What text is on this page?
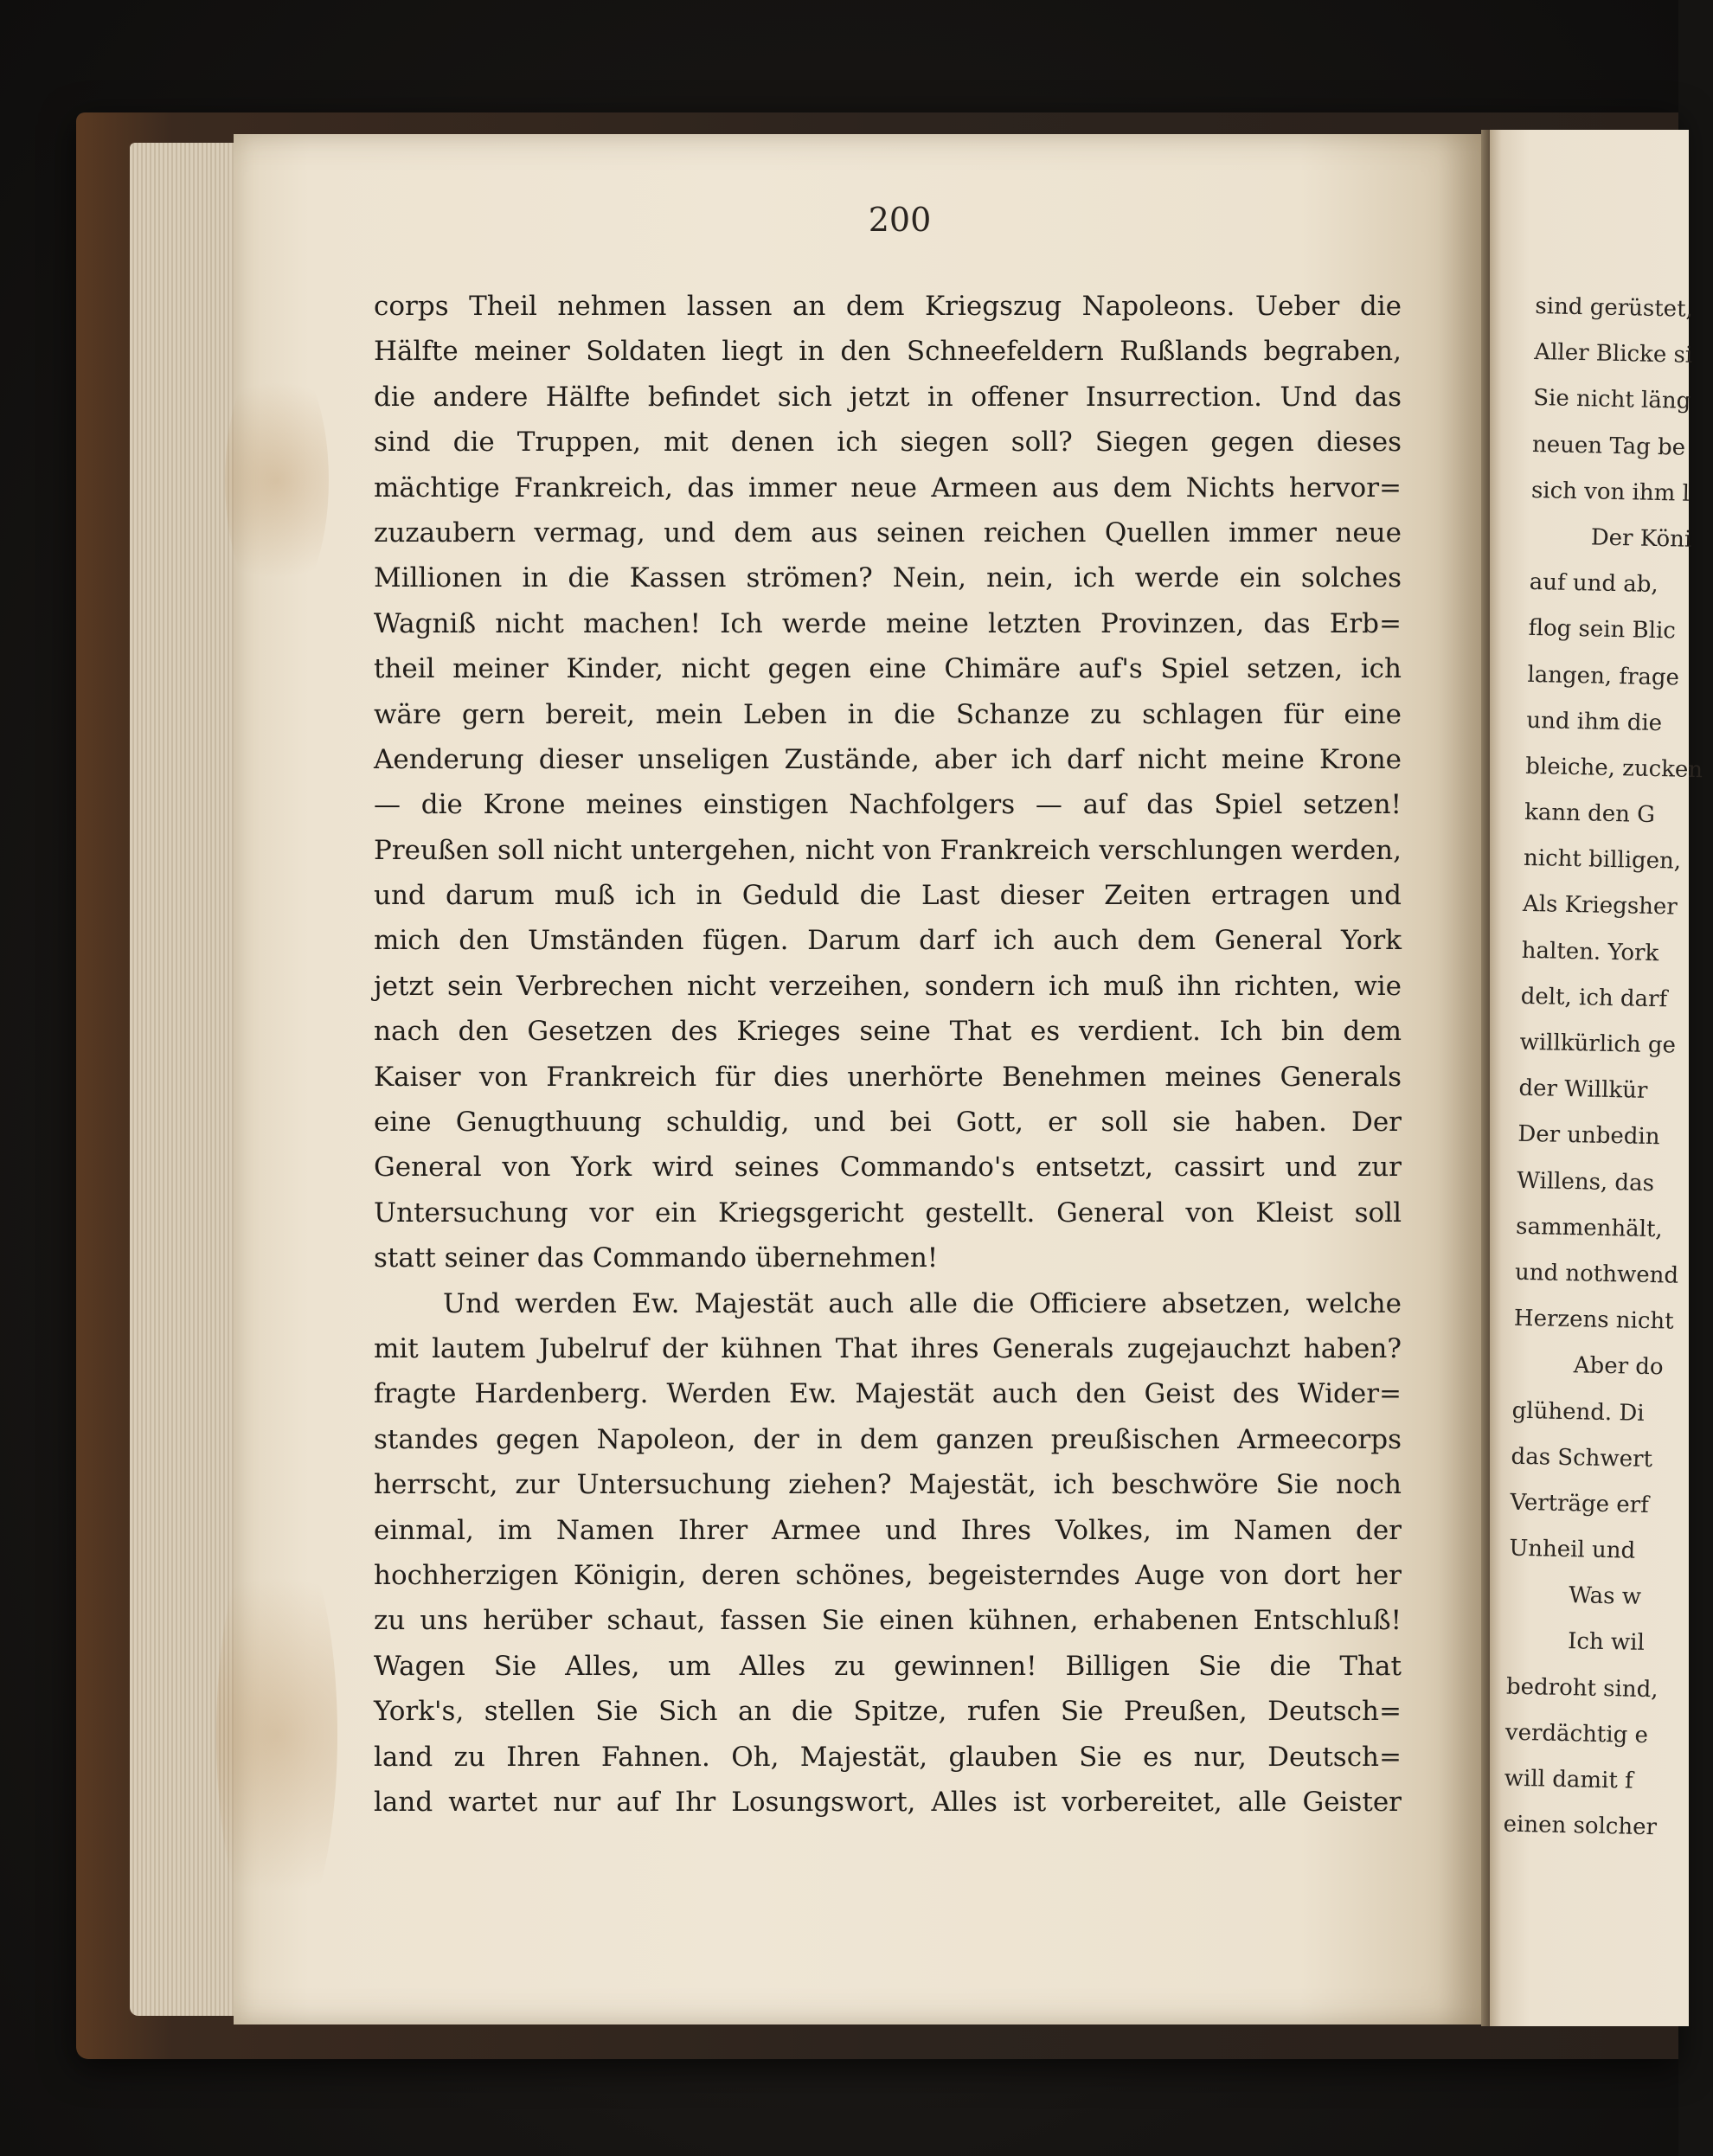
200
corps Theil nehmen lassen an dem Kriegszug Napoleons. Ueber die
Hälfte meiner Soldaten liegt in den Schneefeldern Rußlands begraben,
die andere Hälfte befindet sich jetzt in offener Insurrection. Und das
sind die Truppen, mit denen ich siegen soll? Siegen gegen dieses
mächtige Frankreich, das immer neue Armeen aus dem Nichts hervor=
zuzaubern vermag, und dem aus seinen reichen Quellen immer neue
Millionen in die Kassen strömen? Nein, nein, ich werde ein solches
Wagniß nicht machen! Ich werde meine letzten Provinzen, das Erb=
theil meiner Kinder, nicht gegen eine Chimäre auf's Spiel setzen, ich
wäre gern bereit, mein Leben in die Schanze zu schlagen für eine
Aenderung dieser unseligen Zustände, aber ich darf nicht meine Krone
— die Krone meines einstigen Nachfolgers — auf das Spiel setzen!
Preußen soll nicht untergehen, nicht von Frankreich verschlungen werden,
und darum muß ich in Geduld die Last dieser Zeiten ertragen und
mich den Umständen fügen. Darum darf ich auch dem General York
jetzt sein Verbrechen nicht verzeihen, sondern ich muß ihn richten, wie
nach den Gesetzen des Krieges seine That es verdient. Ich bin dem
Kaiser von Frankreich für dies unerhörte Benehmen meines Generals
eine Genugthuung schuldig, und bei Gott, er soll sie haben. Der
General von York wird seines Commando's entsetzt, cassirt und zur
Untersuchung vor ein Kriegsgericht gestellt. General von Kleist soll
statt seiner das Commando übernehmen!
Und werden Ew. Majestät auch alle die Officiere absetzen, welche
mit lautem Jubelruf der kühnen That ihres Generals zugejauchzt haben?
fragte Hardenberg. Werden Ew. Majestät auch den Geist des Wider=
standes gegen Napoleon, der in dem ganzen preußischen Armeecorps
herrscht, zur Untersuchung ziehen? Majestät, ich beschwöre Sie noch
einmal, im Namen Ihrer Armee und Ihres Volkes, im Namen der
hochherzigen Königin, deren schönes, begeisterndes Auge von dort her
zu uns herüber schaut, fassen Sie einen kühnen, erhabenen Entschluß!
Wagen Sie Alles, um Alles zu gewinnen! Billigen Sie die That
York's, stellen Sie Sich an die Spitze, rufen Sie Preußen, Deutsch=
land zu Ihren Fahnen. Oh, Majestät, glauben Sie es nur, Deutsch=
land wartet nur auf Ihr Losungswort, Alles ist vorbereitet, alle Geister
sind gerüstet,
Aller Blicke si
Sie nicht läng
neuen Tag be
sich von ihm l
Der Köni
auf und ab,
flog sein Blic
langen, frage
und ihm die
bleiche, zucken
kann den G
nicht billigen,
Als Kriegsher
halten. York
delt, ich darf
willkürlich ge
der Willkür
Der unbedin
Willens, das
sammenhält,
und nothwend
Herzens nicht
Aber do
glühend. Di
das Schwert
Verträge erf
Unheil und
Was w
Ich wil
bedroht sind,
verdächtig e
will damit f
einen solcher
